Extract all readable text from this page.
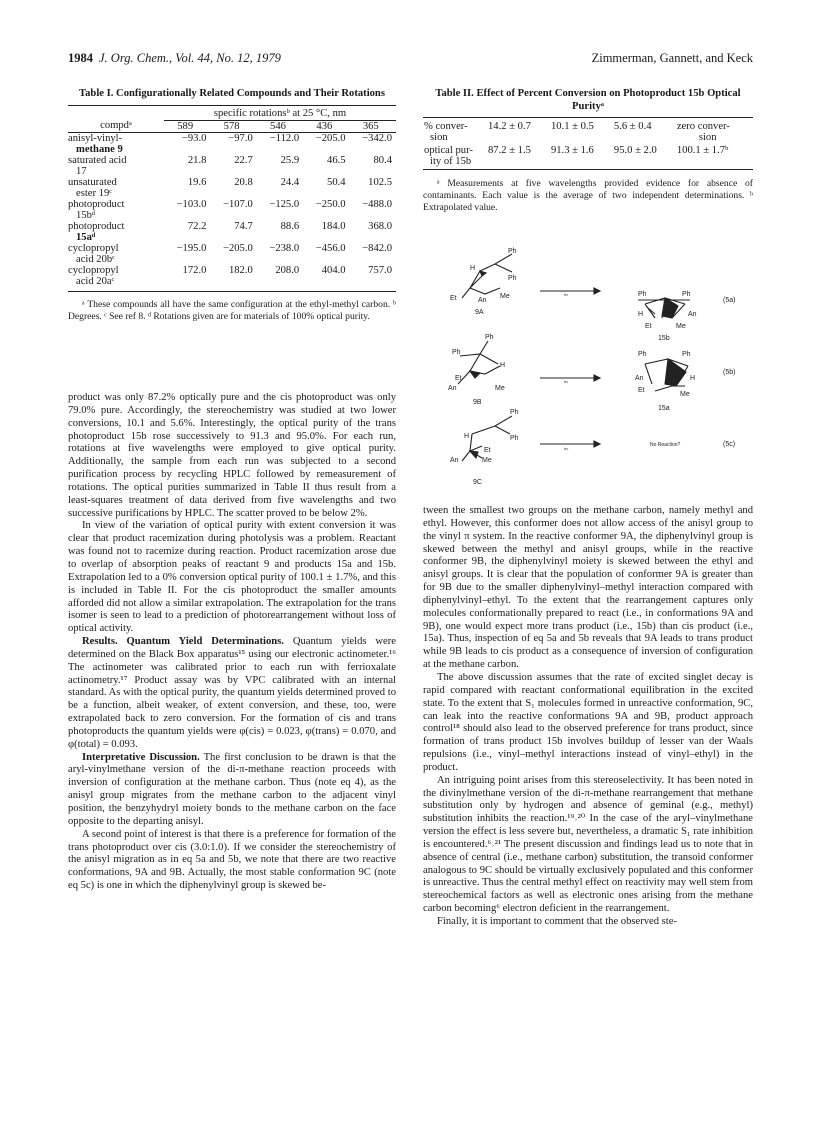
1984 J. Org. Chem., Vol. 44, No. 12, 1979	Zimmerman, Gannett, and Keck
Table I. Configurationally Related Compounds and Their Rotations
	specific rotationsᵇ at 25 °C, nm				
compdᵃ	589	578	546	436	365
anisyl-vinyl-
methane 9	−93.0	−97.0	−112.0	−205.0	−342.0
saturated acid
17	21.8	22.7	25.9	46.5	80.4
unsaturated
ester 19ᶜ	19.6	20.8	24.4	50.4	102.5
photoproduct
15bᵈ	−103.0	−107.0	−125.0	−250.0	−488.0
photoproduct
15aᵈ	72.2	74.7	88.6	184.0	368.0
cyclopropyl
acid 20bᶜ	−195.0	−205.0	−238.0	−456.0	−842.0
cyclopropyl
acid 20aᶜ	172.0	182.0	208.0	404.0	757.0
ᵃ These compounds all have the same configuration at the ethyl-methyl carbon. ᵇ Degrees. ᶜ See ref 8. ᵈ Rotations given are for materials of 100% optical purity.

product was only 87.2% optically pure and the cis photoproduct was only 79.0% pure. Accordingly, the stereochemistry was studied at two lower conversions, 10.1 and 5.6%. Interestingly, the optical purity of the trans photoproduct 15b rose successively to 91.3 and 95.0%. For each run, rotations at five wavelengths were employed to give optical purity. Additionally, the sample from each run was subjected to a second purification process by recycling HPLC followed by remeasurement of rotations. The optical purities summarized in Table II thus result from a least-squares treatment of data derived from five wavelengths and two successive purifications by HPLC. The scatter proved to be below 2%.

In view of the variation of optical purity with extent conversion it was clear that product racemization during photolysis was a problem. Reactant was found not to racemize during reaction. Product racemization arose due to overlap of absorption peaks of reactant 9 and products 15a and 15b. Extrapolation led to a 0% conversion optical purity of 100.1 ± 1.7%, and this is included in Table II. For the cis photoproduct the smaller amounts afforded did not allow a similar extrapolation. The extrapolation for the trans isomer is seen to lead to a prediction of photorearrangement without loss of optical activity.

Results. Quantum Yield Determinations. Quantum yields were determined on the Black Box apparatus¹⁵ using our electronic actinometer.¹⁶ The actinometer was calibrated prior to each run with ferrioxalate actinometry.¹⁷ Product assay was by VPC calibrated with an internal standard. As with the optical purity, the quantum yields determined proved to be a function, albeit weaker, of extent conversion, and these, too, were extrapolated back to zero conversion. For the formation of cis and trans photoproducts the quantum yields were φ(cis) = 0.023, φ(trans) = 0.070, and φ(total) = 0.093.

Interpretative Discussion. The first conclusion to be drawn is that the aryl-vinylmethane version of the di-π-methane reaction proceeds with inversion of configuration at the methane carbon. Thus (note eq 4), as the anisyl group migrates from the methane carbon to the adjacent vinyl position, the benzyhydryl moiety bonds to the methane carbon on the face opposite to the departing anisyl.

A second point of interest is that there is a preference for formation of the trans photoproduct over cis (3.0:1.0). If we consider the stereochemistry of the anisyl migration as in eq 5a and 5b, we note that there are two reactive conformations, 9A and 9B. Actually, the most stable conformation 9C (note eq 5c) is one in which the diphenylvinyl group is skewed be-

Table II. Effect of Percent Conversion on Photoproduct 15b Optical Purityᵃ
% conver-
sion	14.2 ± 0.7	10.1 ± 0.5	5.6 ± 0.4	zero conver-
sion
optical pur-
ity of 15b	87.2 ± 1.5	91.3 ± 1.6	95.0 ± 2.0	100.1 ± 1.7ᵇ
ᵃ Measurements at five wavelengths provided evidence for absence of contaminants. Each value is the average of two independent determinations. ᵇ Extrapolated value.
Ph
H
Ph
Et	Me
An
9A
hν	Ph	Ph
H	An
Et	Me
15b
(5a)
Ph
Ph
H
Et
An	Me
9B
hν
Ph	Ph
An	H
Et
Me
15a
(5b)
Ph
H	Ph
Et
An	Me
9C
hν
No Reaction?	(5c)

tween the smallest two groups on the methane carbon, namely methyl and ethyl. However, this conformer does not allow access of the anisyl group to the vinyl π system. In the reactive conformer 9A, the diphenylvinyl group is skewed between the methyl and anisyl groups, while in the reactive conformer 9B, the diphenylvinyl moiety is skewed between the ethyl and anisyl groups. It is clear that the population of conformer 9A is greater than for 9B due to the smaller diphenylvinyl–methyl interaction compared with diphenylvinyl–ethyl. To the extent that the rearrangement captures only molecules conformationally prepared to react (i.e., in conformations 9A and 9B), one would expect more trans product (i.e., 15b) than cis product (i.e., 15a). Thus, inspection of eq 5a and 5b reveals that 9A leads to trans product while 9B leads to cis product as a consequence of inversion of configuration at the methane carbon.

The above discussion assumes that the rate of excited singlet decay is rapid compared with reactant conformational equilibration in the excited state. To the extent that S₁ molecules formed in unreactive conformation, 9C, can leak into the reactive conformations 9A and 9B, product approach control¹⁸ should also lead to the observed preference for trans product, since formation of trans product 15b involves buildup of lesser van der Waals repulsions (i.e., vinyl–methyl interactions instead of vinyl–ethyl) in the product.

An intriguing point arises from this stereoselectivity. It has been noted in the divinylmethane version of the di-π-methane rearrangement that methane substitution only by hydrogen and absence of geminal (e.g., methyl) substitution inhibits the reaction.¹⁹˒²⁰ In the case of the aryl–vinylmethane version the effect is less severe but, nevertheless, a dramatic S₁ rate inhibition is encountered.⁶˒²¹ The present discussion and findings lead us to note that in absence of central (i.e., methane carbon) substitution, the transoid conformer analogous to 9C should be virtually exclusively populated and this conformer is unreactive. Thus the central methyl effect on reactivity may well stem from stereochemical factors as well as electronic ones arising from the methane carbon becoming⁶ electron deficient in the rearrangement.

Finally, it is important to comment that the observed ste-
